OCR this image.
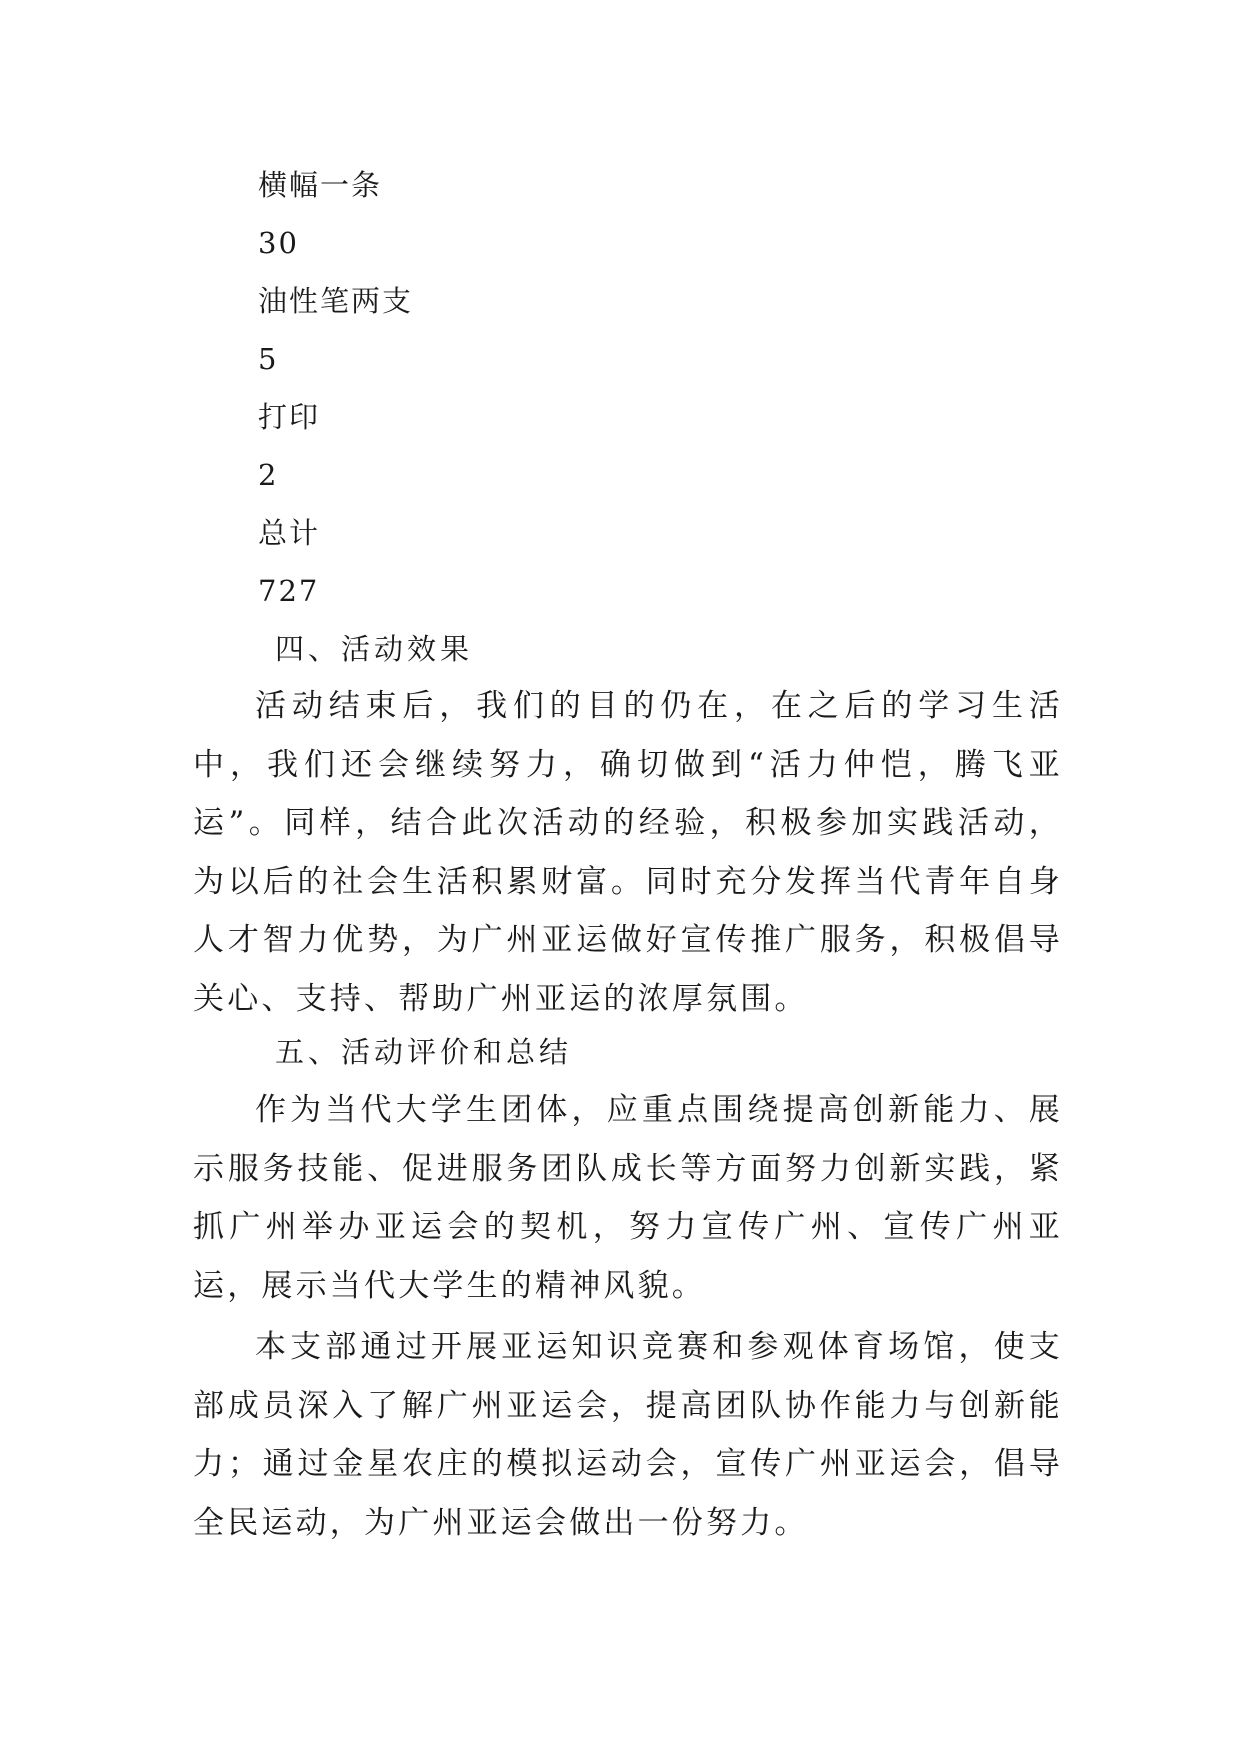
横幅一条
30
油性笔两支
5
打印
2
总计
727
四、活动效果

活动结束后，我们的目的仍在，在之后的学习生活中，我们还会继续努力，确切做到“活力仲恺，腾飞亚运”。同样，结合此次活动的经验，积极参加实践活动，为以后的社会生活积累财富。同时充分发挥当代青年自身人才智力优势，为广州亚运做好宣传推广服务，积极倡导关心、支持、帮助广州亚运的浓厚氛围。

五、活动评价和总结

作为当代大学生团体，应重点围绕提高创新能力、展示服务技能、促进服务团队成长等方面努力创新实践，紧抓广州举办亚运会的契机，努力宣传广州、宣传广州亚运，展示当代大学生的精神风貌。

本支部通过开展亚运知识竞赛和参观体育场馆，使支部成员深入了解广州亚运会，提高团队协作能力与创新能力；通过金星农庄的模拟运动会，宣传广州亚运会，倡导全民运动，为广州亚运会做出一份努力。
